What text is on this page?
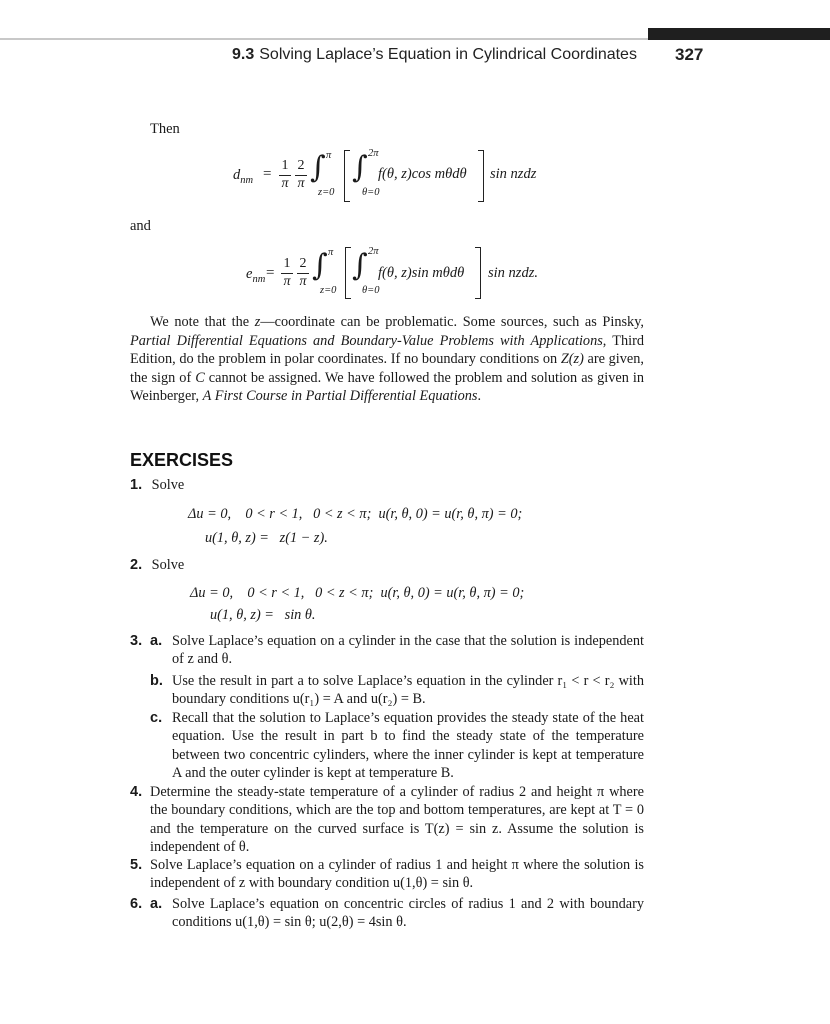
9.3 Solving Laplace’s Equation in Cylindrical Coordinates 327
Then
$d_{nm}$ =
1
π
2
π ∫ π
z=0
∫ 2π
θ=0
f(θ, z)cos mθdθ sin nzdz
and
$e_{nm}$ =
1
π
2
π ∫ π
z=0
∫ 2π
θ=0
f(θ, z)sin mθdθ sin nzdz.
We note that the z—coordinate can be problematic. Some sources, such as Pinsky, Partial Differential Equations and Boundary-Value Problems with Applications, Third Edition, do the problem in polar coordinates. If no boundary conditions on Z(z) are given, the sign of C cannot be assigned. We have followed the problem and solution as given in Weinberger, A First Course in Partial Differential Equations.
EXERCISES
1. Solve
Δu = 0,    0 < r < 1,   0 < z < π;  u(r, θ, 0) = u(r, θ, π) = 0;
u(1, θ, z) =   z(1 − z).
2. Solve
Δu = 0,    0 < r < 1,   0 < z < π;  u(r, θ, 0) = u(r, θ, π) = 0;
u(1, θ, z) =   sin θ.
3. a. Solve Laplace’s equation on a cylinder in the case that the solution is independent of z and θ.
b. Use the result in part a to solve Laplace’s equation in the cylinder r₁ < r < r₂ with boundary conditions u(r₁) = A and u(r₂) = B.
c. Recall that the solution to Laplace’s equation provides the steady state of the heat equation. Use the result in part b to find the steady state of the temperature between two concentric cylinders, where the inner cylinder is kept at temperature A and the outer cylinder is kept at temperature B.
4. Determine the steady-state temperature of a cylinder of radius 2 and height π where the boundary conditions, which are the top and bottom temperatures, are kept at T = 0 and the temperature on the curved surface is T(z) = sin z. Assume the solution is independent of θ.
5. Solve Laplace’s equation on a cylinder of radius 1 and height π where the solution is independent of z with boundary condition u(1,θ) = sin θ.
6. a. Solve Laplace’s equation on concentric circles of radius 1 and 2 with boundary conditions u(1,θ) = sin θ; u(2,θ) = 4sin θ.
